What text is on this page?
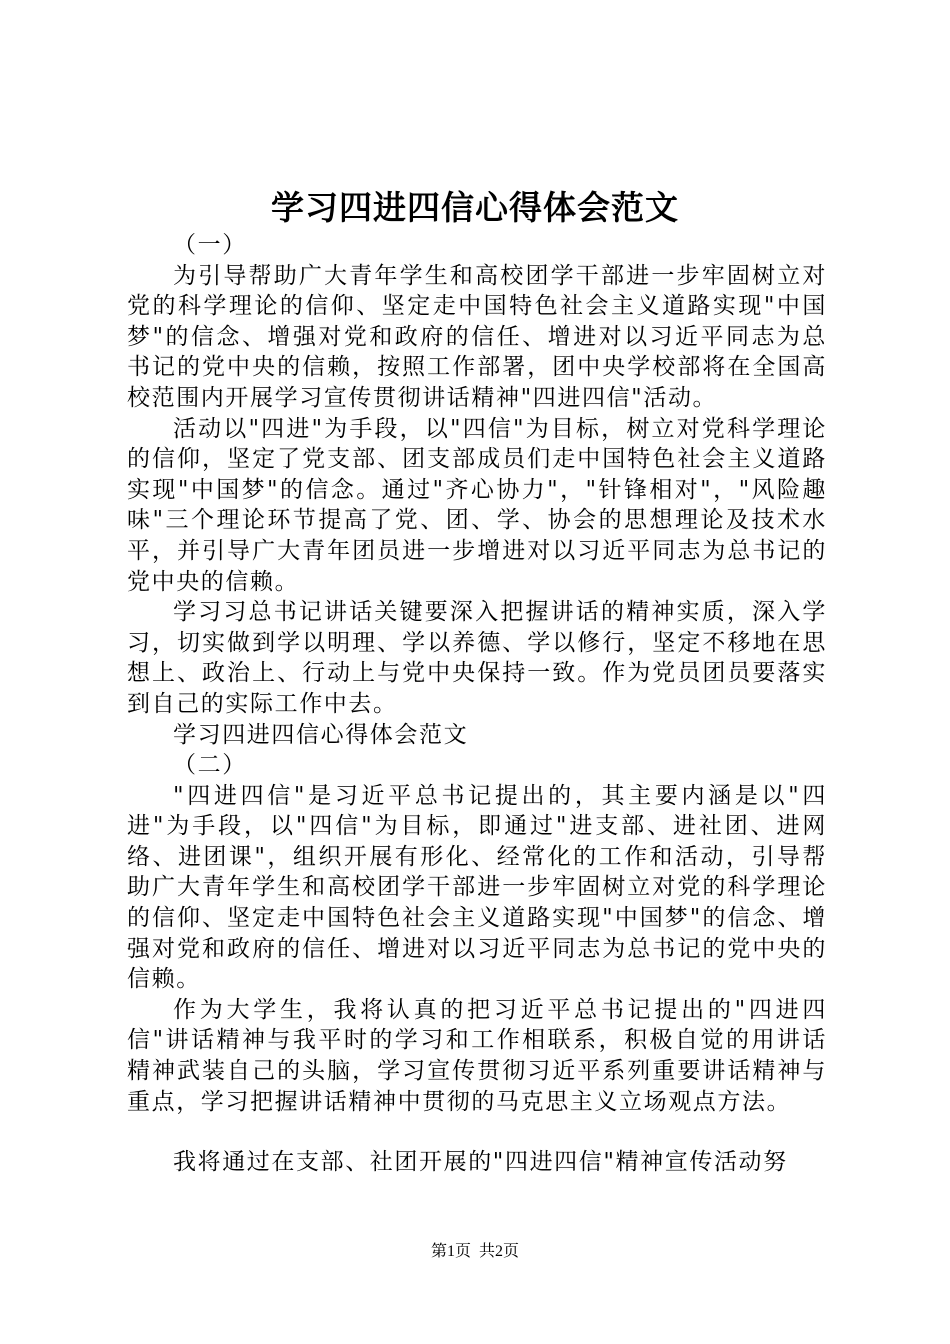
学习四进四信心得体会范文

（一）

为引导帮助广大青年学生和高校团学干部进一步牢固树立对党的科学理论的信仰、坚定走中国特色社会主义道路实现"中国梦"的信念、增强对党和政府的信任、增进对以习近平同志为总书记的党中央的信赖，按照工作部署，团中央学校部将在全国高校范围内开展学习宣传贯彻讲话精神"四进四信"活动。

活动以"四进"为手段，以"四信"为目标，树立对党科学理论的信仰，坚定了党支部、团支部成员们走中国特色社会主义道路实现"中国梦"的信念。通过"齐心协力"，"针锋相对"，"风险趣味"三个理论环节提高了党、团、学、协会的思想理论及技术水平，并引导广大青年团员进一步增进对以习近平同志为总书记的党中央的信赖。

学习习总书记讲话关键要深入把握讲话的精神实质，深入学习，切实做到学以明理、学以养德、学以修行，坚定不移地在思想上、政治上、行动上与党中央保持一致。作为党员团员要落实到自己的实际工作中去。

学习四进四信心得体会范文

（二）

"四进四信"是习近平总书记提出的，其主要内涵是以"四进"为手段，以"四信"为目标，即通过"进支部、进社团、进网络、进团课"，组织开展有形化、经常化的工作和活动，引导帮助广大青年学生和高校团学干部进一步牢固树立对党的科学理论的信仰、坚定走中国特色社会主义道路实现"中国梦"的信念、增强对党和政府的信任、增进对以习近平同志为总书记的党中央的信赖。

作为大学生，我将认真的把习近平总书记提出的"四进四信"讲话精神与我平时的学习和工作相联系，积极自觉的用讲话精神武装自己的头脑，学习宣传贯彻习近平系列重要讲话精神与重点，学习把握讲话精神中贯彻的马克思主义立场观点方法。

我将通过在支部、社团开展的"四进四信"精神宣传活动努

第1页 共2页
